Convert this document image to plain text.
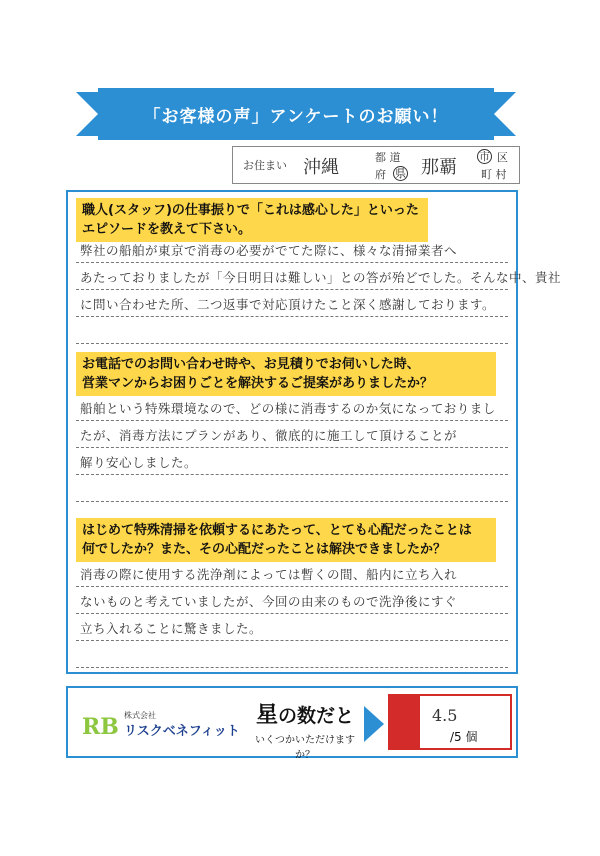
「お客様の声」アンケートのお願い！
お住まい 沖縄	都 道
府 県 那覇
市 区
町 村
職人(スタッフ)の仕事振りで「これは感心した」といった
エピソードを教えて下さい。
弊社の船舶が東京で消毒の必要がでてた際に、様々な清掃業者へ
あたっておりましたが「今日明日は難しい」との答が殆どでした。そんな中、貴社
に問い合わせた所、二つ返事で対応頂けたこと深く感謝しております。
お電話でのお問い合わせ時や、お見積りでお伺いした時、
営業マンからお困りごとを解決するご提案がありましたか？
船舶という特殊環境なので、どの様に消毒するのか気になっておりまし
たが、消毒方法にプランがあり、徹底的に施工して頂けることが
解り安心しました。
はじめて特殊清掃を依頼するにあたって、とても心配だったことは
何でしたか？また、その心配だったことは解決できましたか？
消毒の際に使用する洗浄剤によっては暫くの間、船内に立ち入れ
ないものと考えていましたが、今回の由来のもので洗浄後にすぐ
立ち入れることに驚きました。
RB 株式会社
リスクベネフィット
星の数だと
いくつかいただけますか？
4.5
/5 個
